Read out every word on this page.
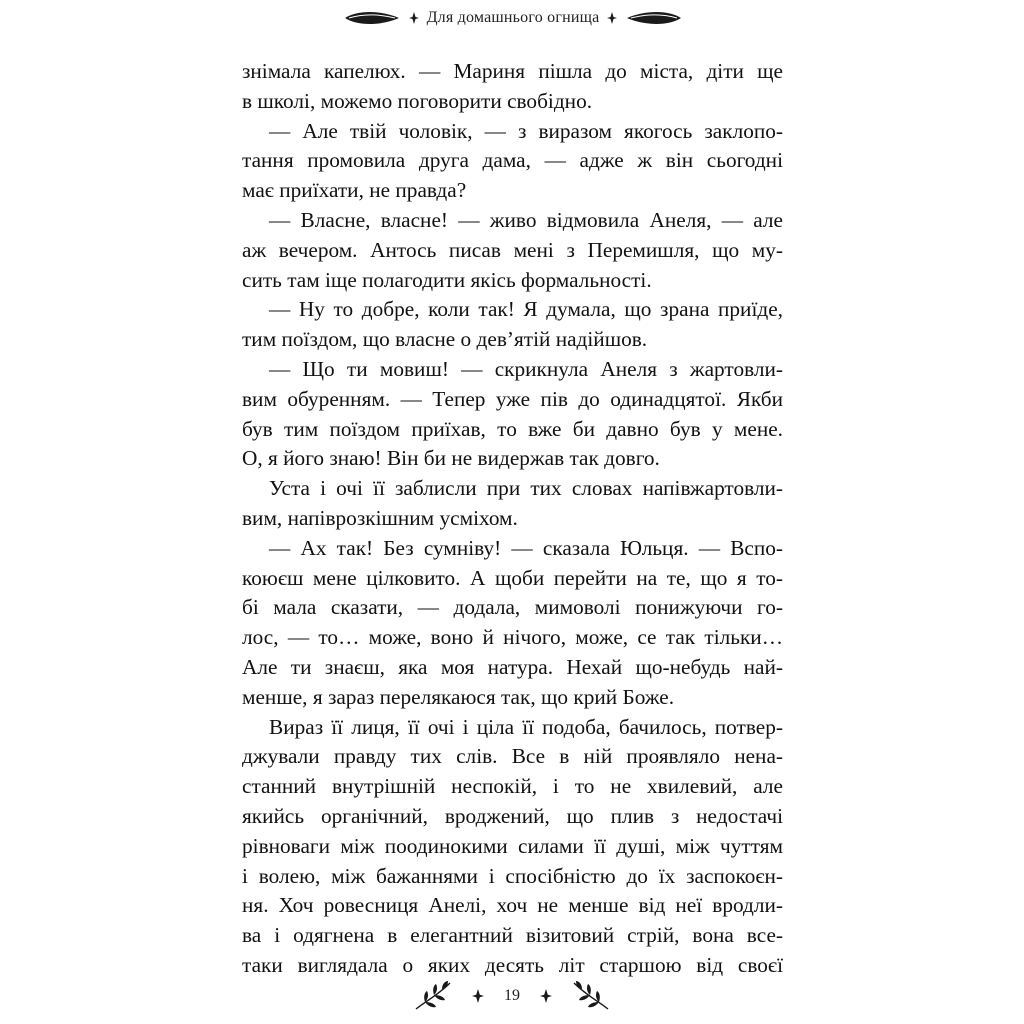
Для домашнього огнища
знімала капелюх. — Мариня пішла до міста, діти ще
в школі, можемо поговорити свобідно.
— Але твій чоловік, — з виразом якогось заклопо-
тання промовила друга дама, — адже ж він сьогодні
має приїхати, не правда?
— Власне, власне! — живо відмовила Анеля, — але
аж вечером. Антось писав мені з Перемишля, що му-
сить там іще полагодити якісь формальності.
— Ну то добре, коли так! Я думала, що зрана приїде,
тим поїздом, що власне о дев’ятій надійшов.
— Що ти мовиш! — скрикнула Анеля з жартовли-
вим обуренням. — Тепер уже пів до одинадцятої. Якби
був тим поїздом приїхав, то вже би давно був у мене.
О, я його знаю! Він би не видержав так довго.
Уста і очі її заблисли при тих словах напівжартовли-
вим, напіврозкішним усміхом.
— Ах так! Без сумніву! — сказала Юльця. — Вспо-
коюєш мене цілковито. А щоби перейти на те, що я то-
бі мала сказати, — додала, мимоволі понижуючи го-
лос, — то… може, воно й нічого, може, се так тільки…
Але ти знаєш, яка моя натура. Нехай що-небудь най-
менше, я зараз перелякаюся так, що крий Боже.
Вираз її лиця, її очі і ціла її подоба, бачилось, потвер-
джували правду тих слів. Все в ній проявляло нена-
станний внутрішній неспокій, і то не хвилевий, але
якийсь органічний, вроджений, що плив з недостачі
рівноваги між поодинокими силами її душі, між чуттям
і волею, між бажаннями і спосібністю до їх заспокоєн-
ня. Хоч ровесниця Анелі, хоч не менше від неї вродли-
ва і одягнена в елегантний візитовий стрій, вона все-
таки виглядала о яких десять літ старшою від своєї
19
